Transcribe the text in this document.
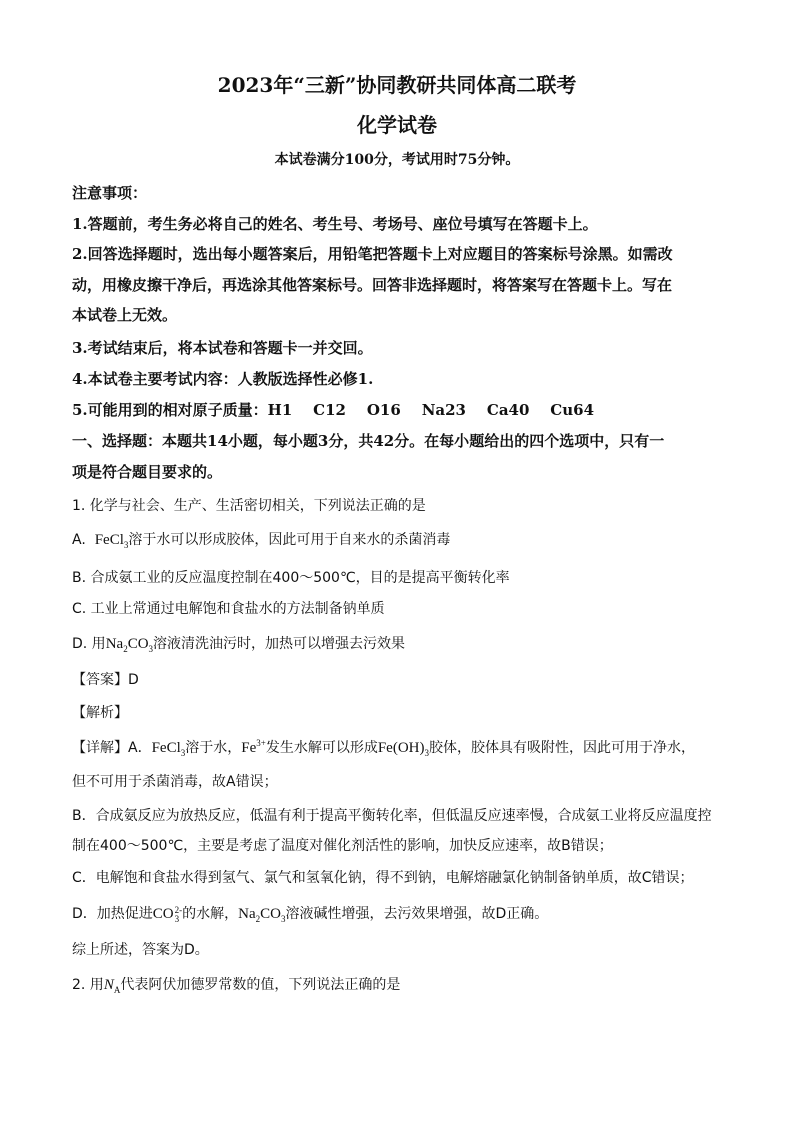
2023年“三新”协同教研共同体高二联考
化学试卷
本试卷满分100分，考试用时75分钟。
注意事项：
1.答题前，考生务必将自己的姓名、考生号、考场号、座位号填写在答题卡上。
2.回答选择题时，选出每小题答案后，用铅笔把答题卡上对应题目的答案标号涂黑。如需改
动，用橡皮擦干净后，再选涂其他答案标号。回答非选择题时，将答案写在答题卡上。写在
本试卷上无效。
3.考试结束后，将本试卷和答题卡一并交回。
4.本试卷主要考试内容：人教版选择性必修1.
5.可能用到的相对原子质量：H1    C12    O16    Na23    Ca40    Cu64
一、选择题：本题共14小题，每小题3分，共42分。在每小题给出的四个选项中，只有一
项是符合题目要求的。
1. 化学与社会、生产、生活密切相关，下列说法正确的是
A.  FeCl$_3$溶于水可以形成胶体，因此可用于自来水的杀菌消毒
B. 合成氨工业的反应温度控制在400～500℃，目的是提高平衡转化率
C. 工业上常通过电解饱和食盐水的方法制备钠单质
D. 用$Na_2CO_3$溶液清洗油污时，加热可以增强去污效果
【答案】D
【解析】
【详解】A．FeCl$_3$溶于水，$Fe^{3+}$发生水解可以形成$Fe(OH)_3$胶体，胶体具有吸附性，因此可用于净水，
但不可用于杀菌消毒，故A错误；
B．合成氨反应为放热反应，低温有利于提高平衡转化率，但低温反应速率慢，合成氨工业将反应温度控
制在400～500℃，主要是考虑了温度对催化剂活性的影响，加快反应速率，故B错误；
C．电解饱和食盐水得到氢气、氯气和氢氧化钠，得不到钠，电解熔融氯化钠制备钠单质，故C错误；
D．加热促进CO 2-
3 的水解，$Na_2CO_3$溶液碱性增强，去污效果增强，故D正确。
综上所述，答案为D。
2. 用$N_A$代表阿伏加德罗常数的值，下列说法正确的是
